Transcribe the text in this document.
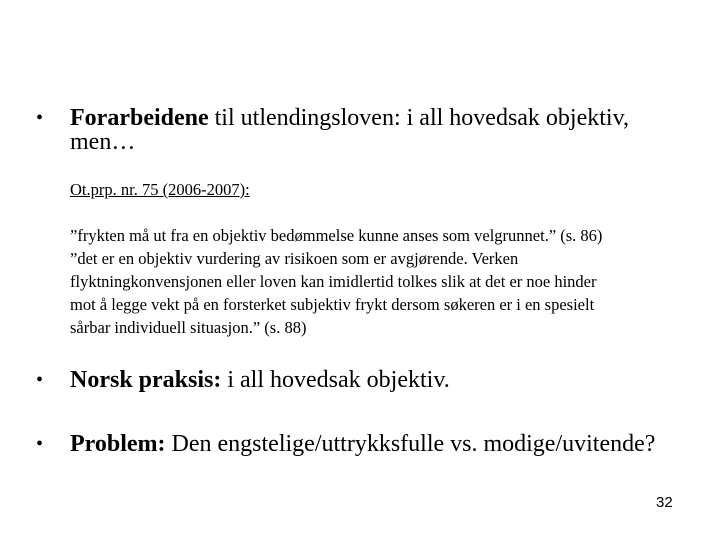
• Forarbeidene til utlendingsloven: i all hovedsak objektiv,
men…
Ot.prp. nr. 75 (2006-2007):
”frykten må ut fra en objektiv bedømmelse kunne anses som velgrunnet.” (s. 86)
”det er en objektiv vurdering av risikoen som er avgjørende. Verken
flyktningkonvensjonen eller loven kan imidlertid tolkes slik at det er noe hinder
mot å legge vekt på en forsterket subjektiv frykt dersom søkeren er i en spesielt
sårbar individuell situasjon.” (s. 88)
• Norsk praksis: i all hovedsak objektiv.
• Problem: Den engstelige/uttrykksfulle vs. modige/uvitende?
32
